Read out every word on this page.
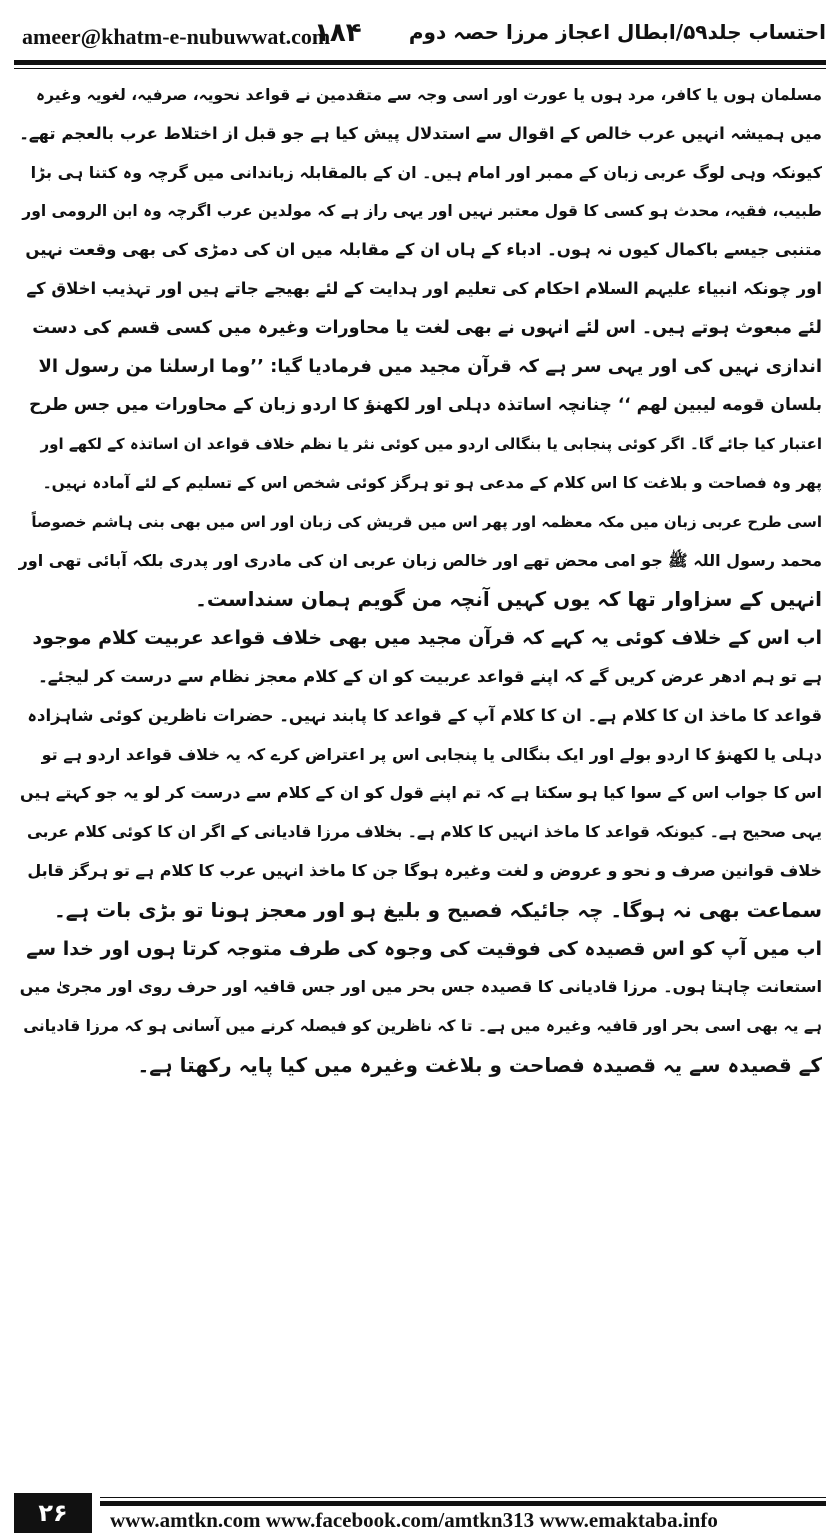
ameer@khatm-e-nubuwwat.com
۱۸۴ احتساب جلد۵۹/ابطال اعجاز مرزا حصہ دوم
مسلمان ہوں یا کافر، مرد ہوں یا عورت اور اسی وجہ سے متقدمین نے قواعد نحویہ، صرفیہ، لغویہ وغیرہ
میں ہمیشہ انہیں عرب خالص کے اقوال سے استدلال پیش کیا ہے جو قبل از اختلاط عرب بالعجم تھے۔
کیونکہ وہی لوگ عربی زبان کے ممبر اور امام ہیں۔ ان کے بالمقابلہ زباندانی میں گرچہ وہ کتنا ہی بڑا
طبیب، فقیہ، محدث ہو کسی کا قول معتبر نہیں اور یہی راز ہے کہ مولدین عرب اگرچہ وہ ابن الرومی اور
متنبی جیسے باکمال کیوں نہ ہوں۔ ادباء کے ہاں ان کے مقابلہ میں ان کی دمڑی کی بھی وقعت نہیں
اور چونکہ انبیاء علیہم السلام احکام کی تعلیم اور ہدایت کے لئے بھیجے جاتے ہیں اور تہذیب اخلاق کے
لئے مبعوث ہوتے ہیں۔ اس لئے انہوں نے بھی لغت یا محاورات وغیرہ میں کسی قسم کی دست
اندازی نہیں کی اور یہی سر ہے کہ قرآن مجید میں فرمادیا گیا: ’’وما ارسلنا من رسول الا
بلسان قومه ليبين لهم ‘‘ چنانچہ اساتذہ دہلی اور لکھنؤ کا اردو زبان کے محاورات میں جس طرح
اعتبار کیا جائے گا۔ اگر کوئی پنجابی یا بنگالی اردو میں کوئی نثر یا نظم خلاف قواعد ان اساتذہ کے لکھے اور
پھر وہ فصاحت و بلاغت کا اس کلام کے مدعی ہو تو ہرگز کوئی شخص اس کے تسلیم کے لئے آمادہ نہیں۔
اسی طرح عربی زبان میں مکہ معظمہ اور پھر اس میں قریش کی زبان اور اس میں بھی بنی ہاشم خصوصاً
محمد رسول اللہ ﷺ جو امی محض تھے اور خالص زبان عربی ان کی مادری اور پدری بلکہ آبائی تھی اور
انہیں کے سزاوار تھا کہ یوں کہیں آنچہ من گویم ہمان سنداست۔
اب اس کے خلاف کوئی یہ کہے کہ قرآن مجید میں بھی خلاف قواعد عربیت کلام موجود
ہے تو ہم ادھر عرض کریں گے کہ اپنے قواعد عربیت کو ان کے کلام معجز نظام سے درست کر لیجئے۔
قواعد کا ماخذ ان کا کلام ہے۔ ان کا کلام آپ کے قواعد کا پابند نہیں۔ حضرات ناظرین کوئی شاہزادہ
دہلی یا لکھنؤ کا اردو بولے اور ایک بنگالی یا پنجابی اس پر اعتراض کرے کہ یہ خلاف قواعد اردو ہے تو
اس کا جواب اس کے سوا کیا ہو سکتا ہے کہ تم اپنے قول کو ان کے کلام سے درست کر لو یہ جو کہتے ہیں
یہی صحیح ہے۔ کیونکہ قواعد کا ماخذ انہیں کا کلام ہے۔ بخلاف مرزا قادیانی کے اگر ان کا کوئی کلام عربی
خلاف قوانین صرف و نحو و عروض و لغت وغیرہ ہوگا جن کا ماخذ انہیں عرب کا کلام ہے تو ہرگز قابل
سماعت بھی نہ ہوگا۔ چہ جائیکہ فصیح و بلیغ ہو اور معجز ہونا تو بڑی بات ہے۔
اب میں آپ کو اس قصیدہ کی فوقیت کی وجوہ کی طرف متوجہ کرتا ہوں اور خدا سے
استعانت چاہتا ہوں۔ مرزا قادیانی کا قصیدہ جس بحر میں اور جس قافیہ اور حرف روی اور مجریٰ میں
ہے یہ بھی اسی بحر اور قافیہ وغیرہ میں ہے۔ تا کہ ناظرین کو فیصلہ کرنے میں آسانی ہو کہ مرزا قادیانی
کے قصیدہ سے یہ قصیدہ فصاحت و بلاغت وغیرہ میں کیا پایہ رکھتا ہے۔
۲۶	www.amtkn.com www.facebook.com/amtkn313 www.emaktaba.info
